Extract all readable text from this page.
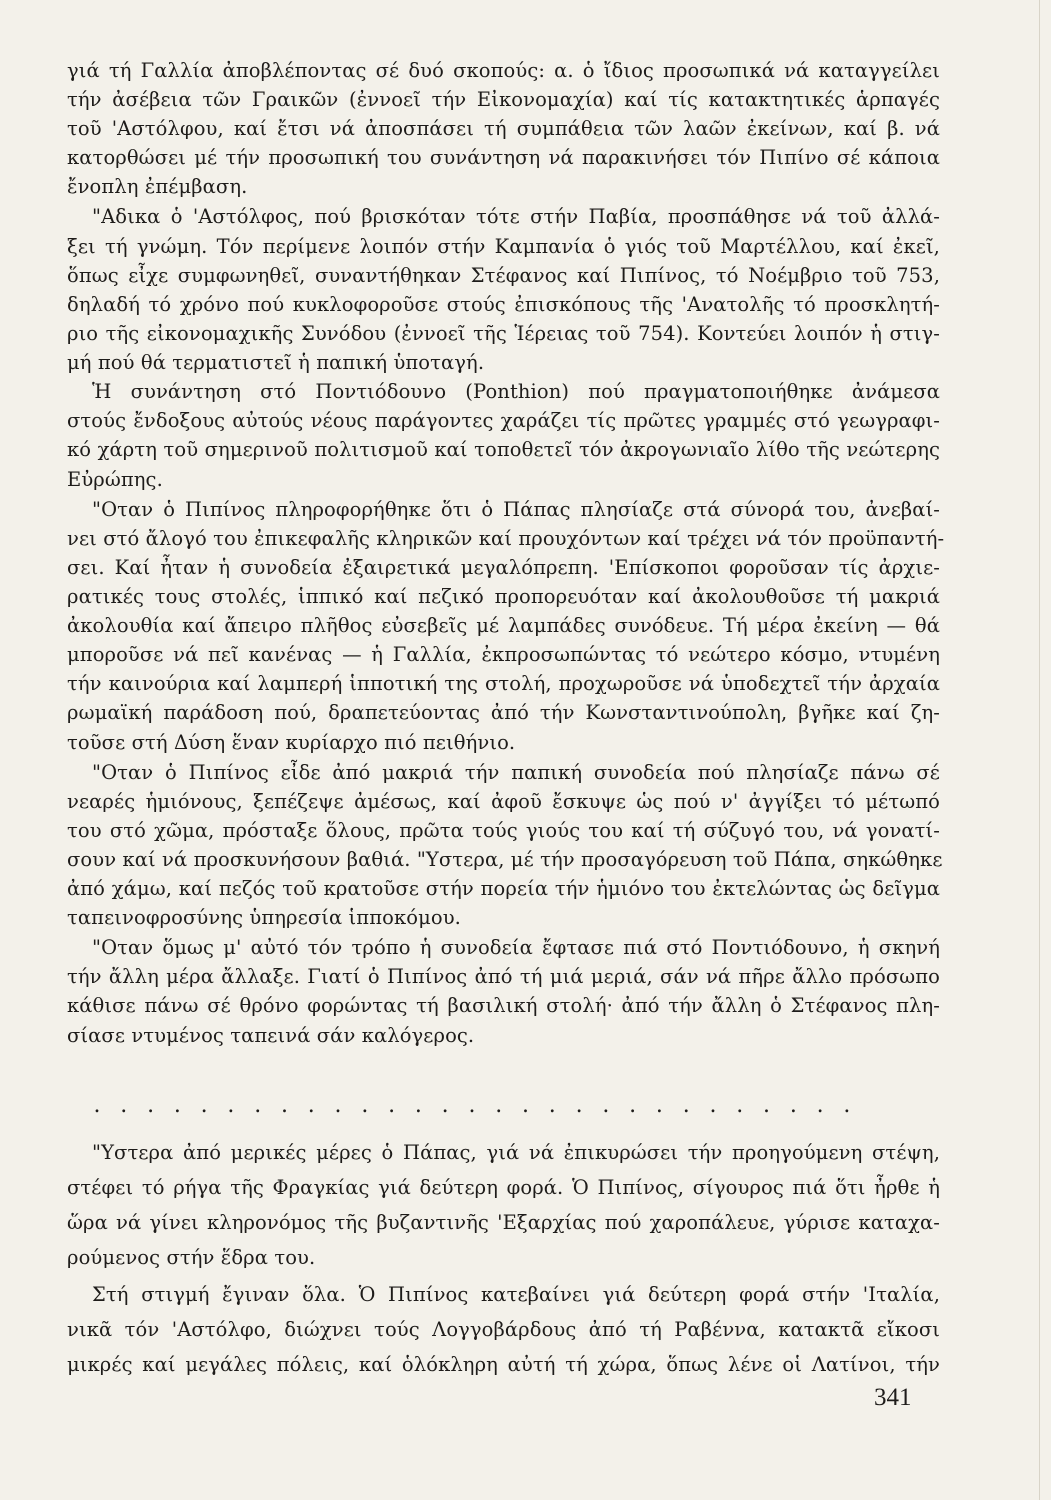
γιά τή Γαλλία ἀποβλέποντας σέ δυό σκοπούς: α. ὁ ἴδιος προσωπικά νά καταγγείλει
τήν ἀσέβεια τῶν Γραικῶν (ἐννοεῖ τήν Εἰκονομαχία) καί τίς κατακτητικές ἁρπαγές
τοῦ 'Αστόλφου, καί ἔτσι νά ἀποσπάσει τή συμπάθεια τῶν λαῶν ἐκείνων, καί β. νά
κατορθώσει μέ τήν προσωπική του συνάντηση νά παρακινήσει τόν Πιπίνο σέ κάποια
ἔνοπλη ἐπέμβαση.
"Αδικα ὁ 'Αστόλφος, πού βρισκόταν τότε στήν Παβία, προσπάθησε νά τοῦ ἀλλά-
ξει τή γνώμη. Τόν περίμενε λοιπόν στήν Καμπανία ὁ γιός τοῦ Μαρτέλλου, καί ἐκεῖ,
ὅπως εἶχε συμφωνηθεῖ, συναντήθηκαν Στέφανος καί Πιπίνος, τό Νοέμβριο τοῦ 753,
δηλαδή τό χρόνο πού κυκλοφοροῦσε στούς ἐπισκόπους τῆς 'Ανατολῆς τό προσκλητή-
ριο τῆς εἰκονομαχικῆς Συνόδου (ἐννοεῖ τῆς Ἱέρειας τοῦ 754). Κοντεύει λοιπόν ἡ στιγ-
μή πού θά τερματιστεῖ ἡ παπική ὑποταγή.
Ἡ συνάντηση στό Ποντιόδουνο (Ponthion) πού πραγματοποιήθηκε ἀνάμεσα
στούς ἔνδοξους αὐτούς νέους παράγοντες χαράζει τίς πρῶτες γραμμές στό γεωγραφι-
κό χάρτη τοῦ σημερινοῦ πολιτισμοῦ καί τοποθετεῖ τόν ἀκρογωνιαῖο λίθο τῆς νεώτερης
Εὐρώπης.
"Οταν ὁ Πιπίνος πληροφορήθηκε ὅτι ὁ Πάπας πλησίαζε στά σύνορά του, ἀνεβαί-
νει στό ἄλογό του ἐπικεφαλῆς κληρικῶν καί προυχόντων καί τρέχει νά τόν προϋπαντή-
σει. Καί ἦταν ἡ συνοδεία ἐξαιρετικά μεγαλόπρεπη. 'Επίσκοποι φοροῦσαν τίς ἀρχιε-
ρατικές τους στολές, ἱππικό καί πεζικό προπορευόταν καί ἀκολουθοῦσε τή μακριά
ἀκολουθία καί ἄπειρο πλῆθος εὐσεβεῖς μέ λαμπάδες συνόδευε. Τή μέρα ἐκείνη — θά
μποροῦσε νά πεῖ κανένας — ἡ Γαλλία, ἐκπροσωπώντας τό νεώτερο κόσμο, ντυμένη
τήν καινούρια καί λαμπερή ἱπποτική της στολή, προχωροῦσε νά ὑποδεχτεῖ τήν ἀρχαία
ρωμαϊκή παράδοση πού, δραπετεύοντας ἀπό τήν Κωνσταντινούπολη, βγῆκε καί ζη-
τοῦσε στή Δύση ἕναν κυρίαρχο πιό πειθήνιο.
"Οταν ὁ Πιπίνος εἶδε ἀπό μακριά τήν παπική συνοδεία πού πλησίαζε πάνω σέ
νεαρές ἡμιόνους, ξεπέζεψε ἀμέσως, καί ἀφοῦ ἔσκυψε ὡς πού ν' ἀγγίξει τό μέτωπό
του στό χῶμα, πρόσταξε ὅλους, πρῶτα τούς γιούς του καί τή σύζυγό του, νά γονατί-
σουν καί νά προσκυνήσουν βαθιά. "Υστερα, μέ τήν προσαγόρευση τοῦ Πάπα, σηκώθηκε
ἀπό χάμω, καί πεζός τοῦ κρατοῦσε στήν πορεία τήν ἡμιόνο του ἐκτελώντας ὡς δεῖγμα
ταπεινοφροσύνης ὑπηρεσία ἱπποκόμου.
"Οταν ὅμως μ' αὐτό τόν τρόπο ἡ συνοδεία ἔφτασε πιά στό Ποντιόδουνο, ἡ σκηνή
τήν ἄλλη μέρα ἄλλαξε. Γιατί ὁ Πιπίνος ἀπό τή μιά μεριά, σάν νά πῆρε ἄλλο πρόσωπο
κάθισε πάνω σέ θρόνο φορώντας τή βασιλική στολή· ἀπό τήν ἄλλη ὁ Στέφανος πλη-
σίασε ντυμένος ταπεινά σάν καλόγερος.
. . . . . . . . . . . . . . . . . . . . . . . . . . . . .
"Υστερα ἀπό μερικές μέρες ὁ Πάπας, γιά νά ἐπικυρώσει τήν προηγούμενη στέψη,
στέφει τό ρήγα τῆς Φραγκίας γιά δεύτερη φορά. Ὁ Πιπίνος, σίγουρος πιά ὅτι ἦρθε ἡ
ὥρα νά γίνει κληρονόμος τῆς βυζαντινῆς 'Εξαρχίας πού χαροπάλευε, γύρισε καταχα-
ρούμενος στήν ἕδρα του.
Στή στιγμή ἔγιναν ὅλα. Ὁ Πιπίνος κατεβαίνει γιά δεύτερη φορά στήν 'Ιταλία,
νικᾶ τόν 'Αστόλφο, διώχνει τούς Λογγοβάρδους ἀπό τή Ραβέννα, κατακτᾶ εἴκοσι
μικρές καί μεγάλες πόλεις, καί ὁλόκληρη αὐτή τή χώρα, ὅπως λένε οἱ Λατίνοι, τήν
341
